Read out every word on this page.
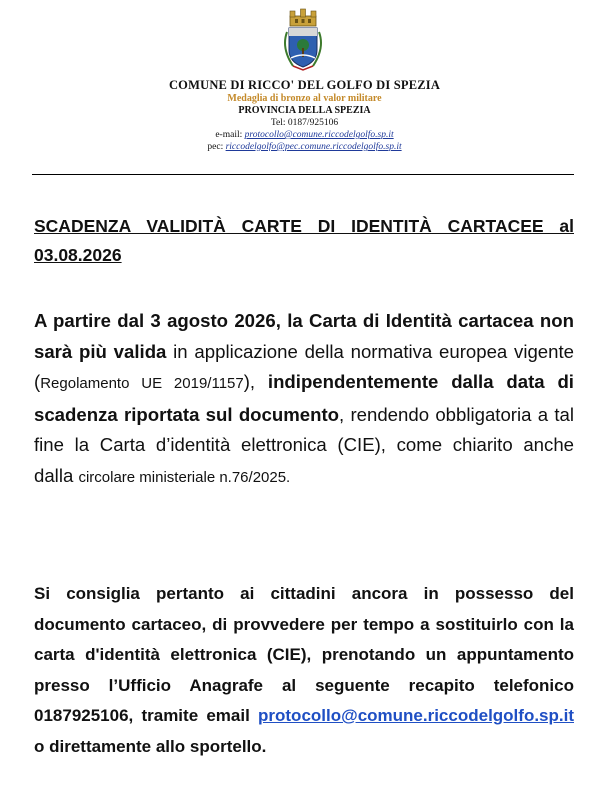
COMUNE DI RICCO' DEL GOLFO DI SPEZIA
Medaglia di bronzo al valor militare
PROVINCIA DELLA SPEZIA
Tel: 0187/925106
e-mail: protocollo@comune.riccodelgolfo.sp.it
pec: riccodelgolfo@pec.comune.riccodelgolfo.sp.it
SCADENZA VALIDITÀ CARTE DI IDENTITÀ CARTACEE al 03.08.2026
A partire dal 3 agosto 2026, la Carta di Identità cartacea non sarà più valida in applicazione della normativa europea vigente (Regolamento UE 2019/1157), indipendentemente dalla data di scadenza riportata sul documento, rendendo obbligatoria a tal fine la Carta d’identità elettronica (CIE), come chiarito anche dalla circolare ministeriale n.76/2025.
Si consiglia pertanto ai cittadini ancora in possesso del documento cartaceo, di provvedere per tempo a sostituirlo con la carta d'identità elettronica (CIE), prenotando un appuntamento presso l’Ufficio Anagrafe al seguente recapito telefonico 0187925106, tramite email protocollo@comune.riccodelgolfo.sp.it o direttamente allo sportello.
